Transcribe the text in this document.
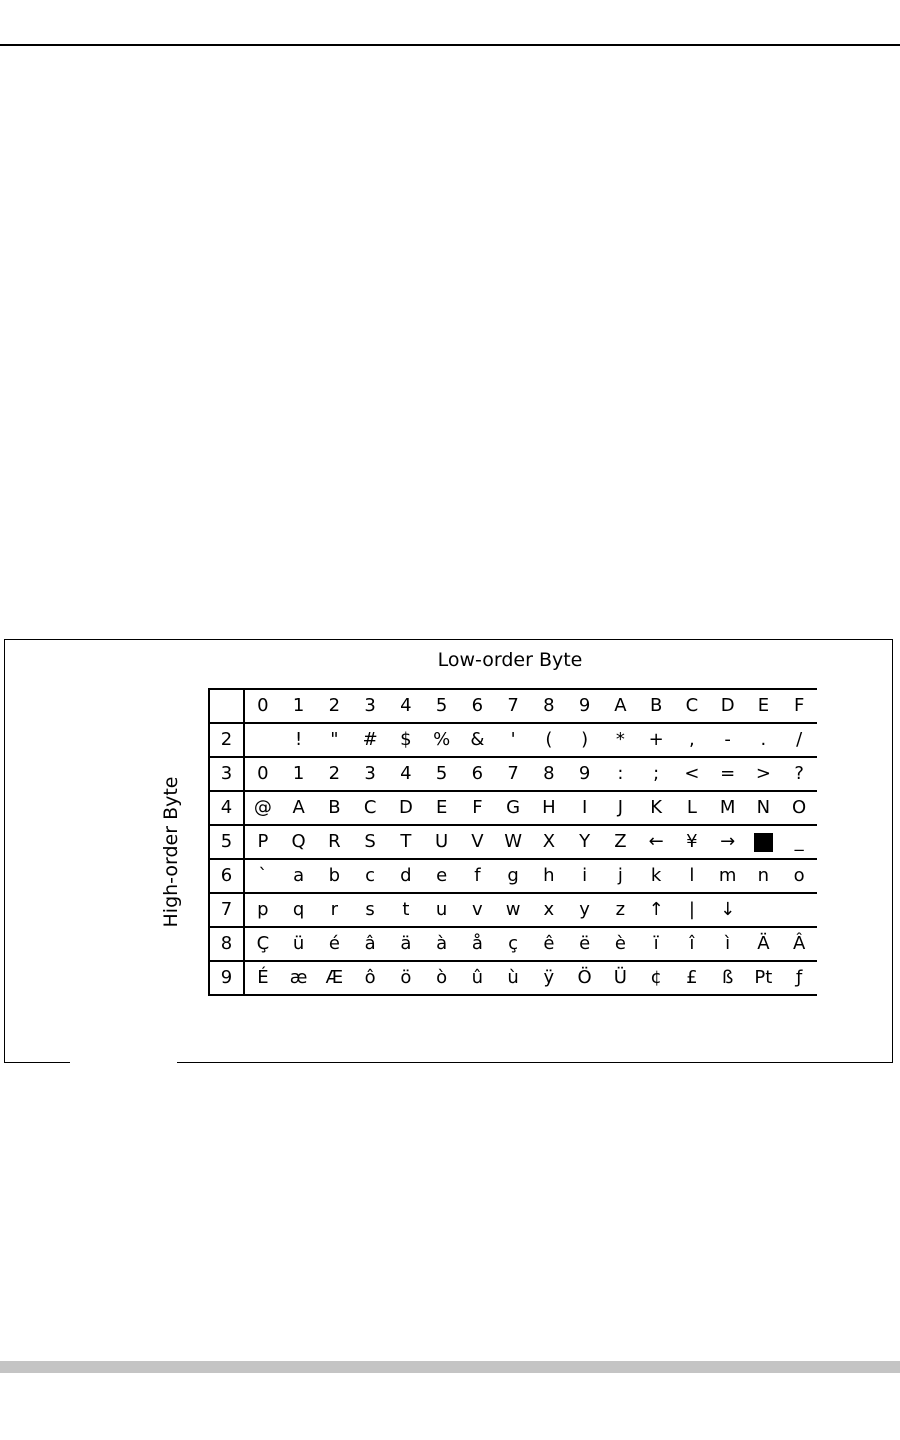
Low-order Byte
High-order Byte
	0	1	2	3	4	5	6	7	8	9	A	B	C	D	E	F
2		!	"	#	$	%	&	'	(	)	*	+	,	-	.	/
3	0	1	2	3	4	5	6	7	8	9	:	;	<	=	>	?
4	@	A	B	C	D	E	F	G	H	I	J	K	L	M	N	O
5	P	Q	R	S	T	U	V	W	X	Y	Z	←	¥	→		_
6	`	a	b	c	d	e	f	g	h	i	j	k	l	m	n	o
7	p	q	r	s	t	u	v	w	x	y	z	↑	|	↓		
8	Ç	ü	é	â	ä	à	å	ç	ê	ë	è	ï	î	ì	Ä	Â
9	É	æ	Æ	ô	ö	ò	û	ù	ÿ	Ö	Ü	¢	£	ß	Pt	ƒ
